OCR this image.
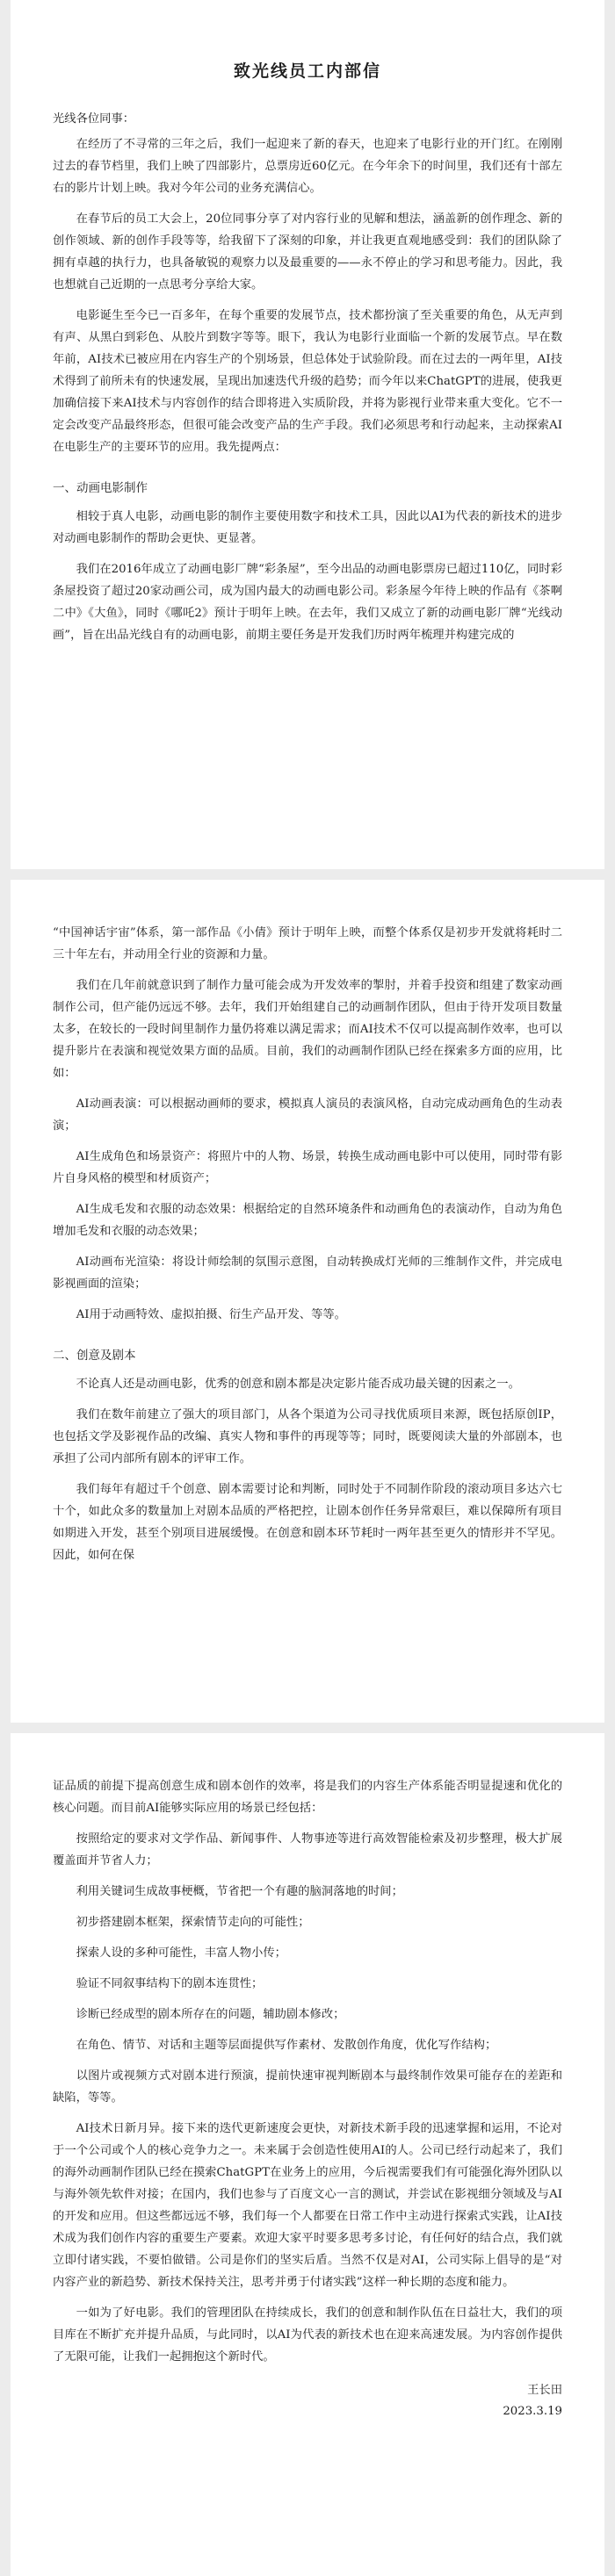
致光线员工内部信

光线各位同事：

在经历了不寻常的三年之后，我们一起迎来了新的春天，也迎来了电影行业的开门红。在刚刚过去的春节档里，我们上映了四部影片，总票房近60亿元。在今年余下的时间里，我们还有十部左右的影片计划上映。我对今年公司的业务充满信心。

在春节后的员工大会上，20位同事分享了对内容行业的见解和想法，涵盖新的创作理念、新的创作领域、新的创作手段等等，给我留下了深刻的印象，并让我更直观地感受到：我们的团队除了拥有卓越的执行力，也具备敏锐的观察力以及最重要的——永不停止的学习和思考能力。因此，我也想就自己近期的一点思考分享给大家。

电影诞生至今已一百多年，在每个重要的发展节点，技术都扮演了至关重要的角色，从无声到有声、从黑白到彩色、从胶片到数字等等。眼下，我认为电影行业面临一个新的发展节点。早在数年前，AI技术已被应用在内容生产的个别场景，但总体处于试验阶段。而在过去的一两年里，AI技术得到了前所未有的快速发展，呈现出加速迭代升级的趋势；而今年以来ChatGPT的进展，使我更加确信接下来AI技术与内容创作的结合即将进入实质阶段，并将为影视行业带来重大变化。它不一定会改变产品最终形态，但很可能会改变产品的生产手段。我们必须思考和行动起来，主动探索AI在电影生产的主要环节的应用。我先提两点：

一、动画电影制作

相较于真人电影，动画电影的制作主要使用数字和技术工具，因此以AI为代表的新技术的进步对动画电影制作的帮助会更快、更显著。

我们在2016年成立了动画电影厂牌“彩条屋”，至今出品的动画电影票房已超过110亿，同时彩条屋投资了超过20家动画公司，成为国内最大的动画电影公司。彩条屋今年待上映的作品有《茶啊二中》《大鱼》，同时《哪吒2》预计于明年上映。在去年，我们又成立了新的动画电影厂牌“光线动画”，旨在出品光线自有的动画电影，前期主要任务是开发我们历时两年梳理并构建完成的

“中国神话宇宙”体系，第一部作品《小倩》预计于明年上映，而整个体系仅是初步开发就将耗时二三十年左右，并动用全行业的资源和力量。

我们在几年前就意识到了制作力量可能会成为开发效率的掣肘，并着手投资和组建了数家动画制作公司，但产能仍远远不够。去年，我们开始组建自己的动画制作团队，但由于待开发项目数量太多，在较长的一段时间里制作力量仍将难以满足需求；而AI技术不仅可以提高制作效率，也可以提升影片在表演和视觉效果方面的品质。目前，我们的动画制作团队已经在探索多方面的应用，比如：

AI动画表演：可以根据动画师的要求，模拟真人演员的表演风格，自动完成动画角色的生动表演；

AI生成角色和场景资产：将照片中的人物、场景，转换生成动画电影中可以使用，同时带有影片自身风格的模型和材质资产；

AI生成毛发和衣服的动态效果：根据给定的自然环境条件和动画角色的表演动作，自动为角色增加毛发和衣服的动态效果；

AI动画布光渲染：将设计师绘制的氛围示意图，自动转换成灯光师的三维制作文件，并完成电影视画面的渲染；

AI用于动画特效、虚拟拍摄、衍生产品开发、等等。

二、创意及剧本

不论真人还是动画电影，优秀的创意和剧本都是决定影片能否成功最关键的因素之一。

我们在数年前建立了强大的项目部门，从各个渠道为公司寻找优质项目来源，既包括原创IP，也包括文学及影视作品的改编、真实人物和事件的再现等等；同时，既要阅读大量的外部剧本，也承担了公司内部所有剧本的评审工作。

我们每年有超过千个创意、剧本需要讨论和判断，同时处于不同制作阶段的滚动项目多达六七十个，如此众多的数量加上对剧本品质的严格把控，让剧本创作任务异常艰巨，难以保障所有项目如期进入开发，甚至个别项目进展缓慢。在创意和剧本环节耗时一两年甚至更久的情形并不罕见。因此，如何在保

证品质的前提下提高创意生成和剧本创作的效率，将是我们的内容生产体系能否明显提速和优化的核心问题。而目前AI能够实际应用的场景已经包括：

按照给定的要求对文学作品、新闻事件、人物事迹等进行高效智能检索及初步整理，极大扩展覆盖面并节省人力；

利用关键词生成故事梗概，节省把一个有趣的脑洞落地的时间；

初步搭建剧本框架，探索情节走向的可能性；

探索人设的多种可能性，丰富人物小传；

验证不同叙事结构下的剧本连贯性；

诊断已经成型的剧本所存在的问题，辅助剧本修改；

在角色、情节、对话和主题等层面提供写作素材、发散创作角度，优化写作结构；

以图片或视频方式对剧本进行预演，提前快速审视判断剧本与最终制作效果可能存在的差距和缺陷，等等。

AI技术日新月异。接下来的迭代更新速度会更快，对新技术新手段的迅速掌握和运用，不论对于一个公司或个人的核心竞争力之一。未来属于会创造性使用AI的人。公司已经行动起来了，我们的海外动画制作团队已经在摸索ChatGPT在业务上的应用，今后视需要我们有可能强化海外团队以与海外领先软件对接；在国内，我们也参与了百度文心一言的测试，并尝试在影视细分领域及与AI的开发和应用。但这些都远远不够，我们每一个人都要在日常工作中主动进行探索式实践，让AI技术成为我们创作内容的重要生产要素。欢迎大家平时要多思考多讨论，有任何好的结合点，我们就立即付诸实践，不要怕做错。公司是你们的坚实后盾。当然不仅是对AI，公司实际上倡导的是“对内容产业的新趋势、新技术保持关注，思考并勇于付诸实践”这样一种长期的态度和能力。

一如为了好电影。我们的管理团队在持续成长，我们的创意和制作队伍在日益壮大，我们的项目库在不断扩充并提升品质，与此同时，以AI为代表的新技术也在迎来高速发展。为内容创作提供了无限可能，让我们一起拥抱这个新时代。

王长田
2023.3.19
